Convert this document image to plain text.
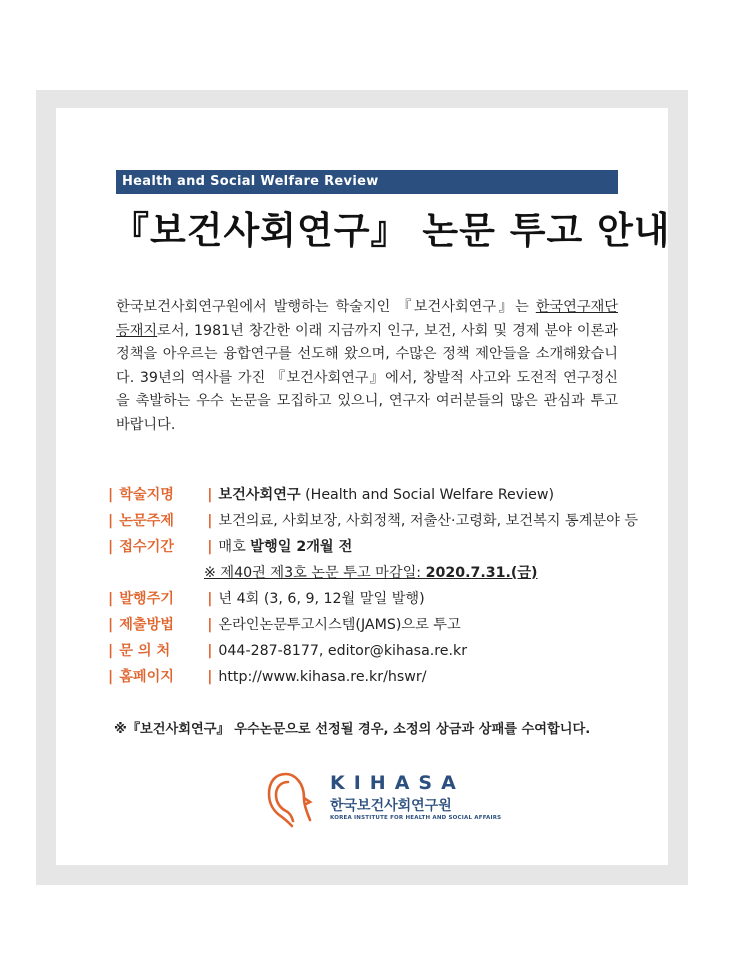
Health and Social Welfare Review
『보건사회연구』 논문 투고 안내
한국보건사회연구원에서 발행하는 학술지인 『보건사회연구』는 한국연구재단 등재지로서, 1981년 창간한 이래 지금까지 인구, 보건, 사회 및 경제 분야 이론과 정책을 아우르는 융합연구를 선도해 왔으며, 수많은 정책 제안들을 소개해왔습니다. 39년의 역사를 가진 『보건사회연구』에서, 창발적 사고와 도전적 연구정신을 촉발하는 우수 논문을 모집하고 있으니, 연구자 여러분들의 많은 관심과 투고 바랍니다.
| 학술지명 | 보건사회연구 (Health and Social Welfare Review)
| 논문주제 | 보건의료, 사회보장, 사회정책, 저출산·고령화, 보건복지 통계분야 등
| 접수기간 | 매호 발행일 2개월 전
※ 제40권 제3호 논문 투고 마감일: 2020.7.31.(금)
| 발행주기 | 년 4회 (3, 6, 9, 12월 말일 발행)
| 제출방법 | 온라인논문투고시스템(JAMS)으로 투고
| 문 의 처	| 044-287-8177, editor@kihasa.re.kr
| 홈페이지 | http://www.kihasa.re.kr/hswr/
※『보건사회연구』 우수논문으로 선정될 경우, 소정의 상금과 상패를 수여합니다.
KIHASA
한국보건사회연구원
KOREA INSTITUTE FOR HEALTH AND SOCIAL AFFAIRS
